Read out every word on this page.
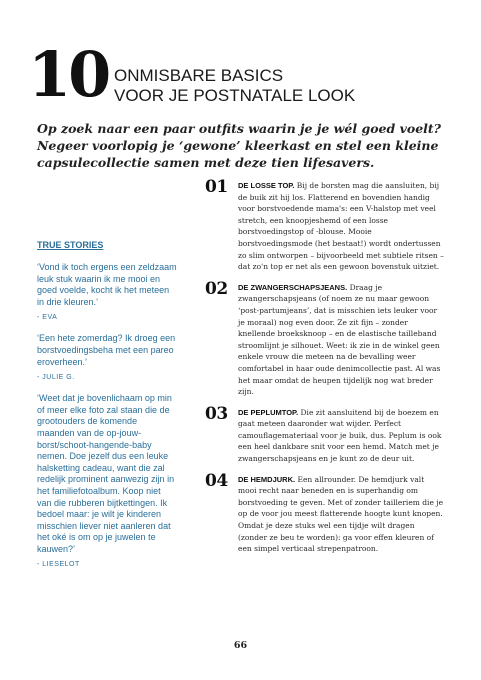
10 ONMISBARE BASICS
VOOR JE POSTNATALE LOOK
Op zoek naar een paar outfits waarin je je wél goed voelt? Negeer voorlopig je ‘gewone’ kleerkast en stel een kleine capsulecollectie samen met deze tien lifesavers.
TRUE STORIES
‘Vond ik toch ergens een zeldzaam leuk stuk waarin ik me mooi en goed voelde, kocht ik het meteen in drie kleuren.’
- EVA
‘Een hete zomerdag? Ik droeg een borstvoedingsbeha met een pareo eroverheen.’
- JULIE G.
‘Weet dat je bovenlichaam op min of meer elke foto zal staan die de grootouders de komende maanden van de op-jouw-borst/schoot-hangende-baby nemen. Doe jezelf dus een leuke halsketting cadeau, want die zal redelijk prominent aanwezig zijn in het familiefotoalbum. Koop niet van die rubberen bijtkettingen. Ik bedoel maar: je wilt je kinderen misschien liever niet aanleren dat het oké is om op je juwelen te kauwen?’
- LIESELOT
01 DE LOSSE TOP. Bij de borsten mag die aansluiten, bij de buik zit hij los. Flatterend en bovendien handig voor borstvoedende mama's: een V-halstop met veel stretch, een knoopjeshemd of een losse borstvoedingstop of -blouse. Mooie borstvoedingsmode (het bestaat!) wordt ondertussen zo slim ontworpen – bijvoorbeeld met subtiele ritsen – dat zo'n top er net als een gewoon bovenstuk uitziet.
02 DE ZWANGERSCHAPSJEANS. Draag je zwangerschapsjeans (of noem ze nu maar gewoon ‘post-partumjeans’, dat is misschien iets leuker voor je moraal) nog even door. Ze zit fijn – zonder knellende broeksknoop – en de elastische tailleband stroomlijnt je silhouet. Weet: ik zie in de winkel geen enkele vrouw die meteen na de bevalling weer comfortabel in haar oude denimcollectie past. Al was het maar omdat de heupen tijdelijk nog wat breder zijn.
03 DE PEPLUMTOP. Die zit aansluitend bij de boezem en gaat meteen daaronder wat wijder. Perfect camouflagemateriaal voor je buik, dus. Peplum is ook een heel dankbare snit voor een hemd. Match met je zwangerschapsjeans en je kunt zo de deur uit.
04 DE HEMDJURK. Een allrounder. De hemdjurk valt mooi recht naar beneden en is superhandig om borstvoeding te geven. Met of zonder tailleriem die je op de voor jou meest flatterende hoogte kunt knopen. Omdat je deze stuks wel een tijdje wilt dragen (zonder ze beu te worden): ga voor effen kleuren of een simpel verticaal strepenpatroon.
66
